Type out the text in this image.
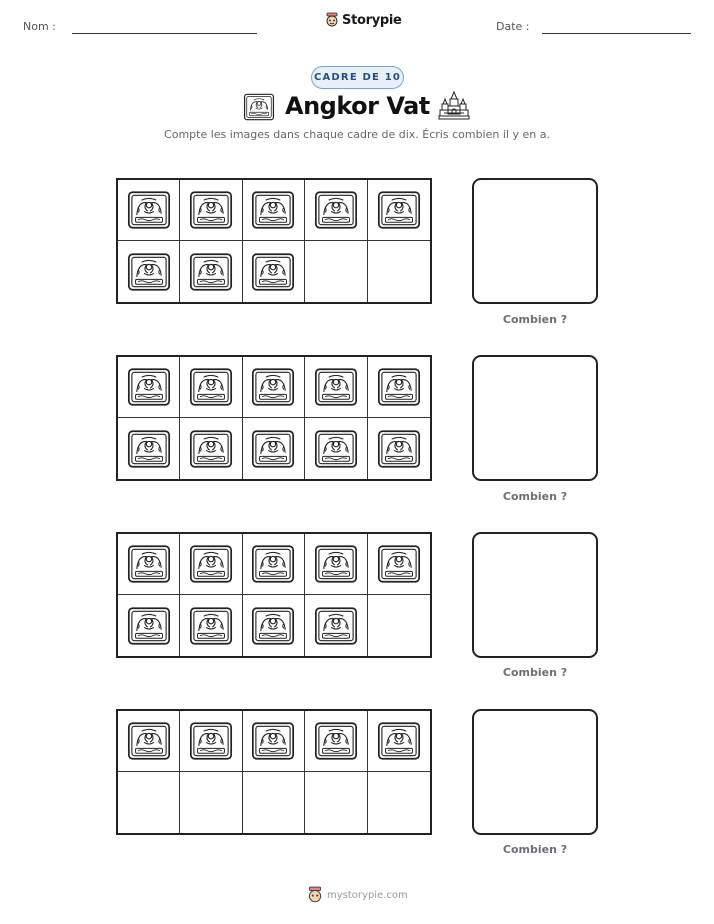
Nom :	Storypie	Date :
CADRE DE 10
Angkor Vat
Compte les images dans chaque cadre de dix. Écris combien il y en a.
Combien ?
Combien ?
Combien ?
Combien ?
mystorypie.com
